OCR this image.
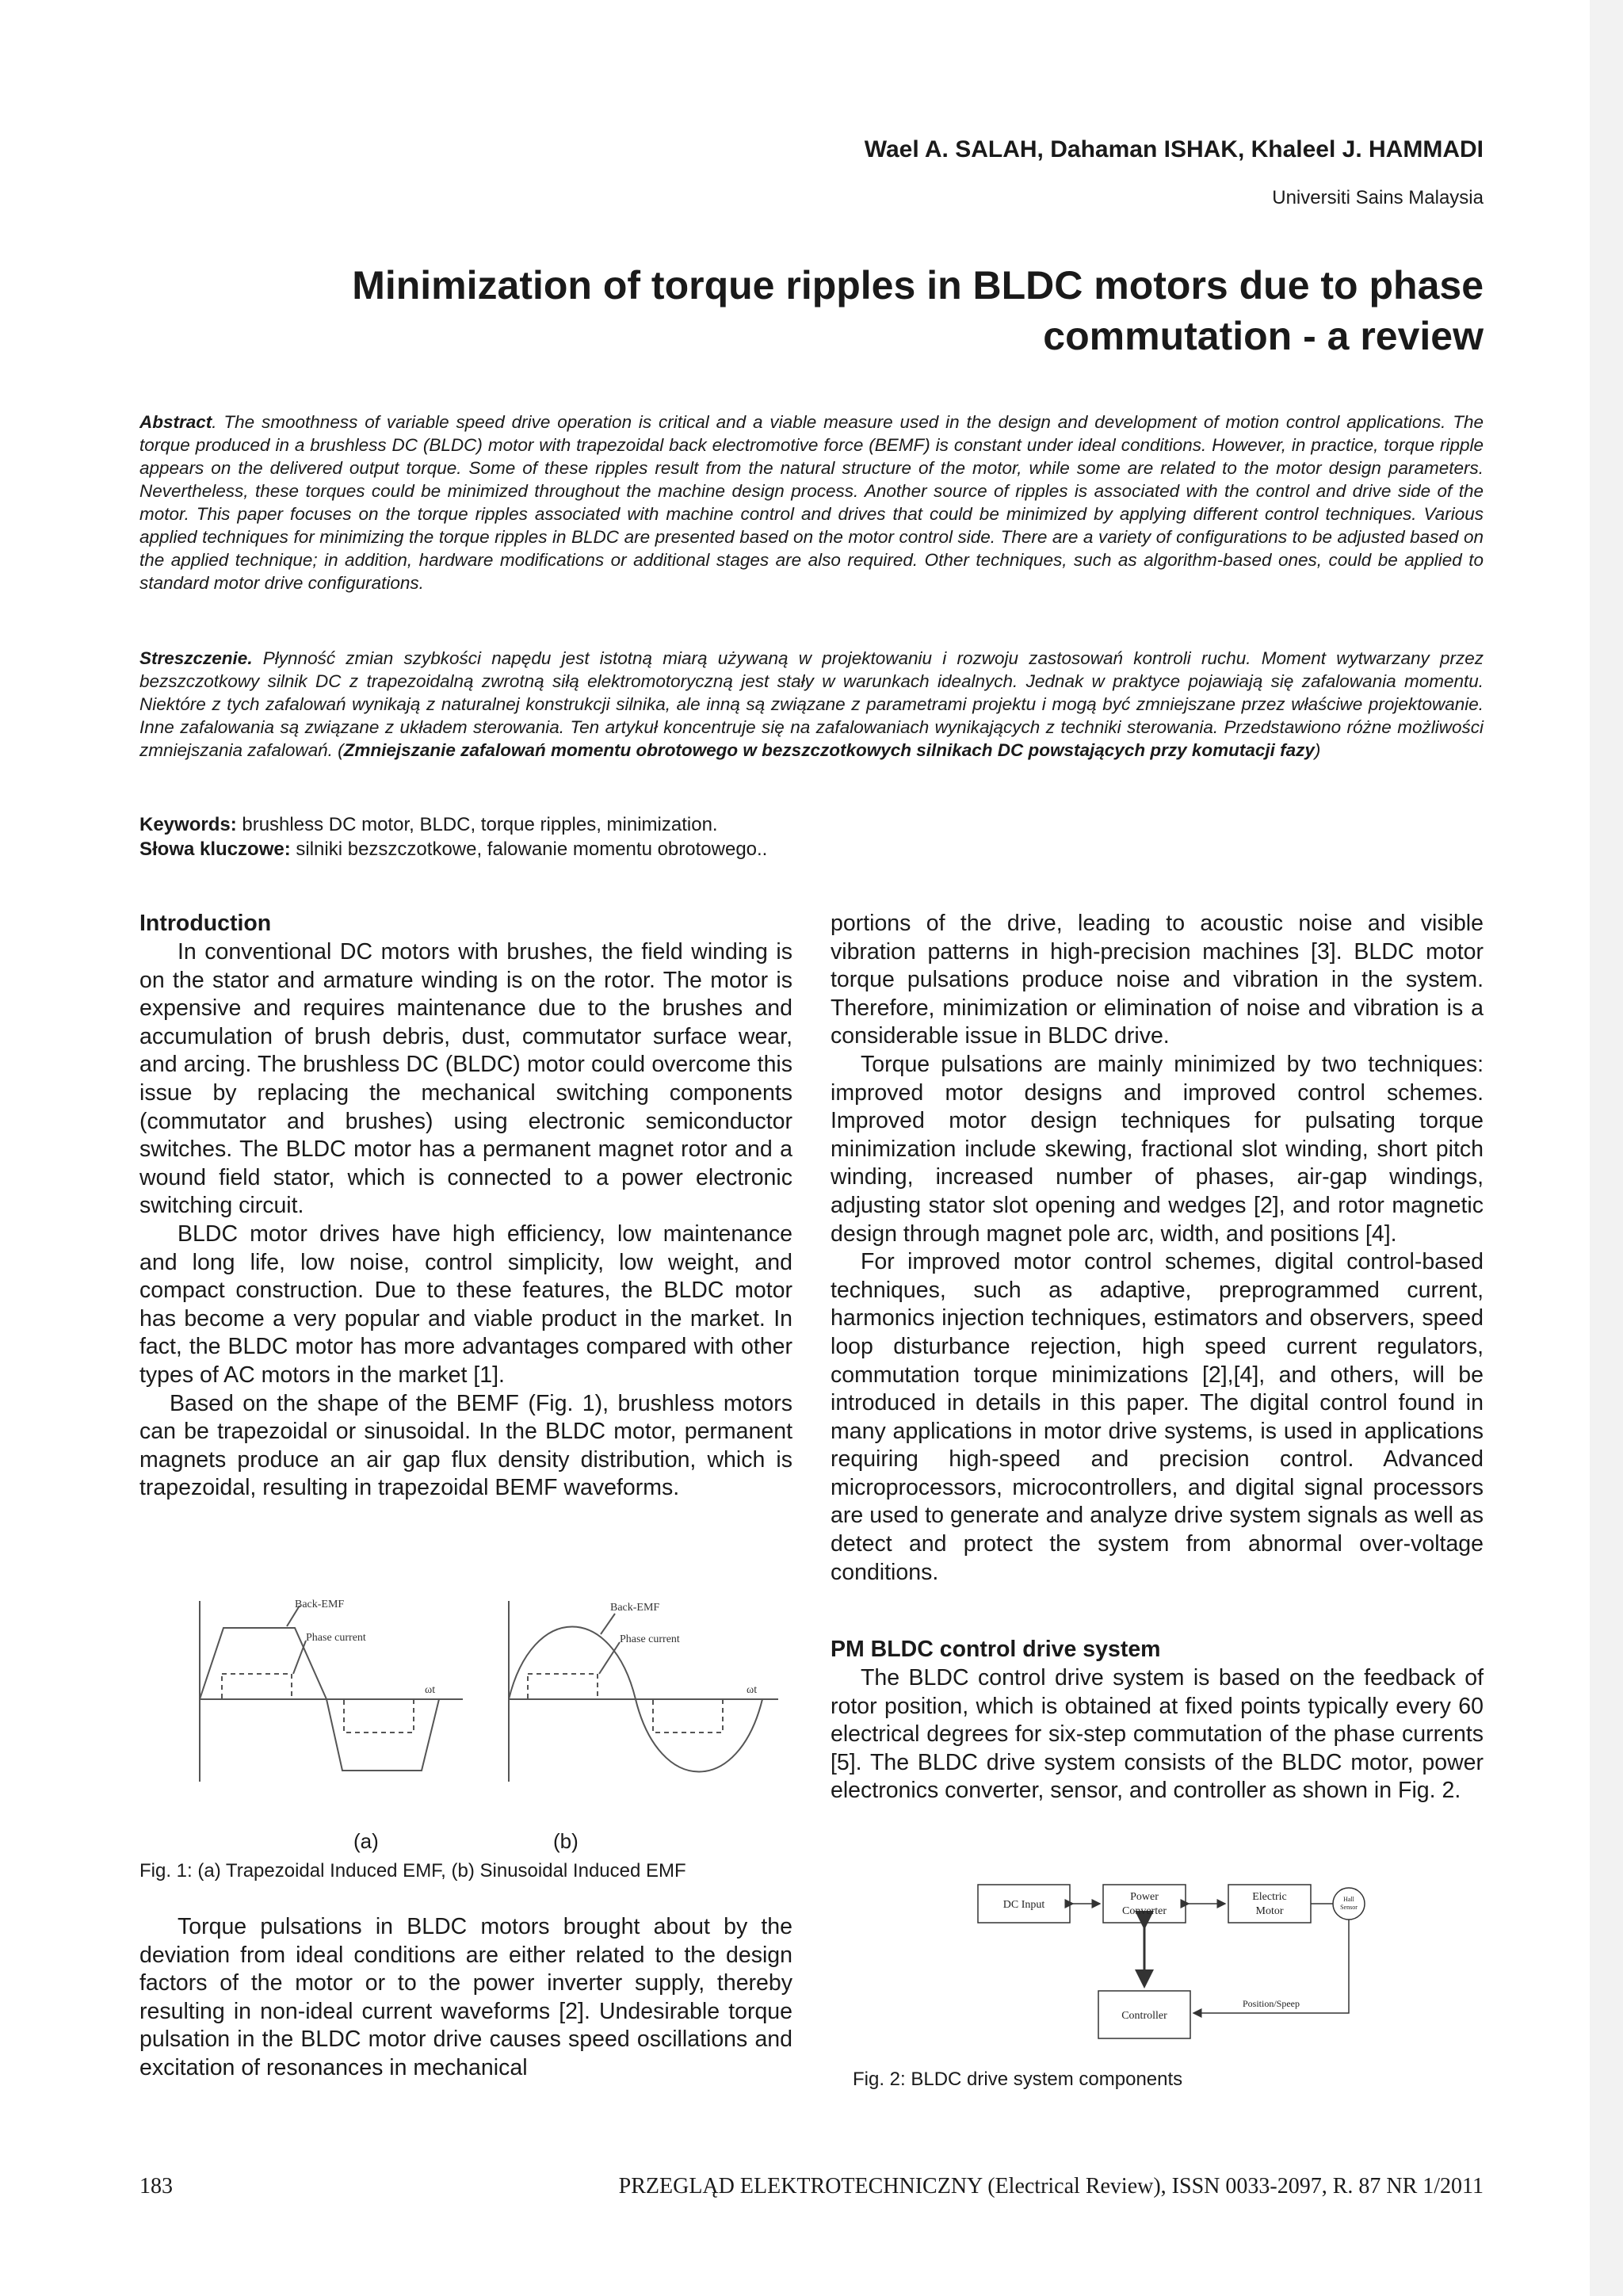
Wael A. SALAH, Dahaman ISHAK, Khaleel J. HAMMADI
Universiti Sains Malaysia
Minimization of torque ripples in BLDC motors due to phase commutation - a review
Abstract. The smoothness of variable speed drive operation is critical and a viable measure used in the design and development of motion control applications. The torque produced in a brushless DC (BLDC) motor with trapezoidal back electromotive force (BEMF) is constant under ideal conditions. However, in practice, torque ripple appears on the delivered output torque. Some of these ripples result from the natural structure of the motor, while some are related to the motor design parameters. Nevertheless, these torques could be minimized throughout the machine design process. Another source of ripples is associated with the control and drive side of the motor. This paper focuses on the torque ripples associated with machine control and drives that could be minimized by applying different control techniques. Various applied techniques for minimizing the torque ripples in BLDC are presented based on the motor control side. There are a variety of configurations to be adjusted based on the applied technique; in addition, hardware modifications or additional stages are also required. Other techniques, such as algorithm-based ones, could be applied to standard motor drive configurations.
Streszczenie. Płynność zmian szybkości napędu jest istotną miarą używaną w projektowaniu i rozwoju zastosowań kontroli ruchu. Moment wytwarzany przez bezszczotkowy silnik DC z trapezoidalną zwrotną siłą elektromotoryczną jest stały w warunkach idealnych. Jednak w praktyce pojawiają się zafalowania momentu. Niektóre z tych zafalowań wynikają z naturalnej konstrukcji silnika, ale inną są związane z parametrami projektu i mogą być zmniejszane przez właściwe projektowanie. Inne zafalowania są związane z układem sterowania. Ten artykuł koncentruje się na zafalowaniach wynikających z techniki sterowania. Przedstawiono różne możliwości zmniejszania zafalowań. (Zmniejszanie zafalowań momentu obrotowego w bezszczotkowych silnikach DC powstających przy komutacji fazy)
Keywords: brushless DC motor, BLDC, torque ripples, minimization.
Słowa kluczowe: silniki bezszczotkowe, falowanie momentu obrotowego..
Introduction

In conventional DC motors with brushes, the field winding is on the stator and armature winding is on the rotor. The motor is expensive and requires maintenance due to the brushes and accumulation of brush debris, dust, commutator surface wear, and arcing. The brushless DC (BLDC) motor could overcome this issue by replacing the mechanical switching components (commutator and brushes) using electronic semiconductor switches. The BLDC motor has a permanent magnet rotor and a wound field stator, which is connected to a power electronic switching circuit.

BLDC motor drives have high efficiency, low maintenance and long life, low noise, control simplicity, low weight, and compact construction. Due to these features, the BLDC motor has become a very popular and viable product in the market. In fact, the BLDC motor has more advantages compared with other types of AC motors in the market [1].

Based on the shape of the BEMF (Fig. 1), brushless motors can be trapezoidal or sinusoidal. In the BLDC motor, permanent magnets produce an air gap flux density distribution, which is trapezoidal, resulting in trapezoidal BEMF waveforms.

Back-EMF
Phase current
ωt
Back-EMF
Phase current
ωt
(a)	(b)
Fig. 1: (a) Trapezoidal Induced EMF, (b) Sinusoidal Induced EMF

Torque pulsations in BLDC motors brought about by the deviation from ideal conditions are either related to the design factors of the motor or to the power inverter supply, thereby resulting in non-ideal current waveforms [2]. Undesirable torque pulsation in the BLDC motor drive causes speed oscillations and excitation of resonances in mechanical

portions of the drive, leading to acoustic noise and visible vibration patterns in high-precision machines [3]. BLDC motor torque pulsations produce noise and vibration in the system. Therefore, minimization or elimination of noise and vibration is a considerable issue in BLDC drive.

Torque pulsations are mainly minimized by two techniques: improved motor designs and improved control schemes. Improved motor design techniques for pulsating torque minimization include skewing, fractional slot winding, short pitch winding, increased number of phases, air-gap windings, adjusting stator slot opening and wedges [2], and rotor magnetic design through magnet pole arc, width, and positions [4].

For improved motor control schemes, digital control-based techniques, such as adaptive, preprogrammed current, harmonics injection techniques, estimators and observers, speed loop disturbance rejection, high speed current regulators, commutation torque minimizations [2],[4], and others, will be introduced in details in this paper. The digital control found in many applications in motor drive systems, is used in applications requiring high-speed and precision control. Advanced microprocessors, microcontrollers, and digital signal processors are used to generate and analyze drive system signals as well as detect and protect the system from abnormal over-voltage conditions.

PM BLDC control drive system

The BLDC control drive system is based on the feedback of rotor position, which is obtained at fixed points typically every 60 electrical degrees for six-step commutation of the phase currents [5]. The BLDC drive system consists of the BLDC motor, power electronics converter, sensor, and controller as shown in Fig. 2.

DC Input
Power
Converter
Electric
Motor
Hall
Sensor
Controller
Position/Speep
Fig. 2: BLDC drive system components
183	PRZEGLĄD ELEKTROTECHNICZNY (Electrical Review), ISSN 0033-2097, R. 87 NR 1/2011
